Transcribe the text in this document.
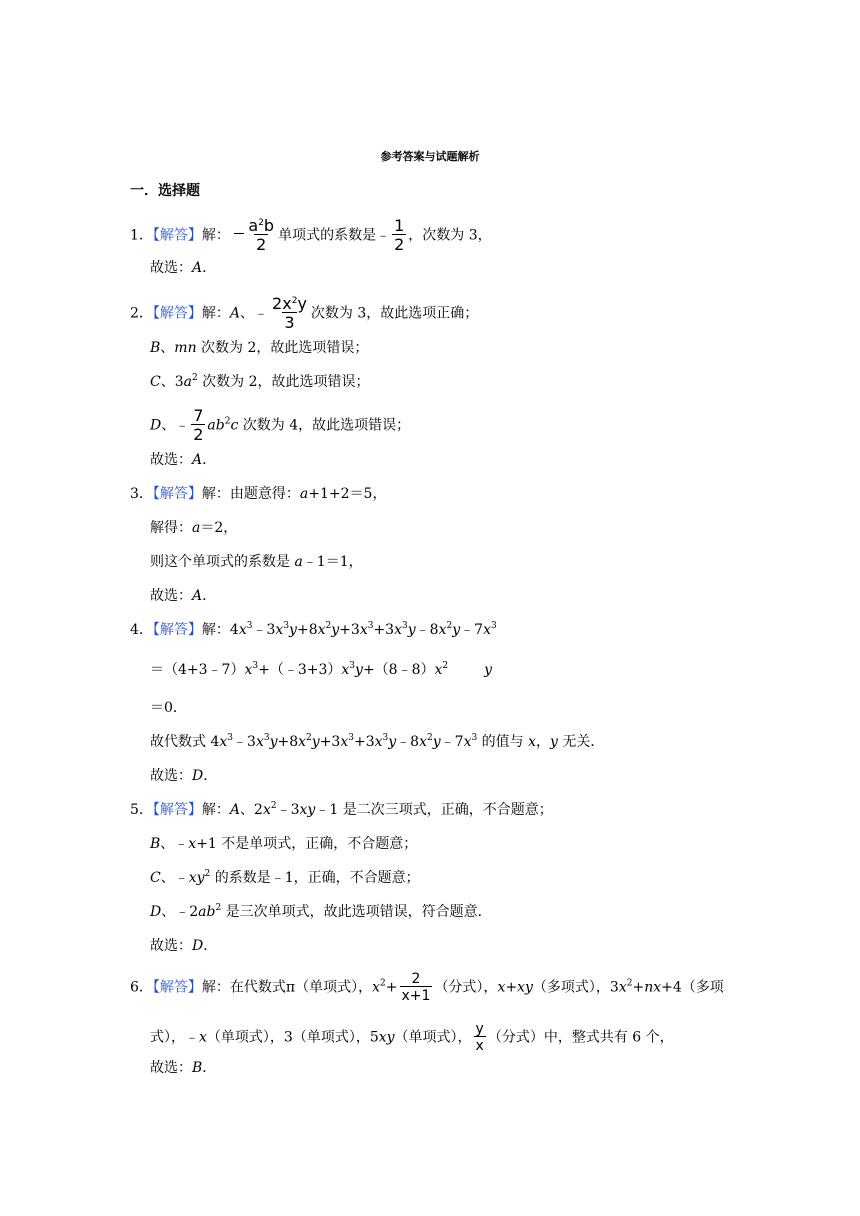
参考答案与试题解析
一．选择题
1．【解答】解： $\frac{a^2b}{2}$ 单项式的系数是﹣ $\frac{1}{2}$ ，次数为 3，
故选：A．
2．【解答】解：A、﹣ $\frac{2x^2y}{3}$ 次数为 3，故此选项正确；
B、mn 次数为 2，故此选项错误；
C、$3a^2$ 次数为 2，故此选项错误；
D、﹣ $\frac{7}{2} ab^2c$ 次数为 4，故此选项错误；
故选：A．
3．【解答】解：由题意得：a+1+2＝5，
解得：a＝2，
则这个单项式的系数是 a﹣1＝1，
故选：A．
4．【解答】解：$4x^3﹣3x^3y+8x^2y+3x^3+3x^3y﹣8x^2y﹣7x^3$
$=(4+3﹣7)x^3+(﹣3+3)x^3y+(8﹣8)x^2$	y
＝0．
故代数式 $4x^3﹣3x^3y+8x^2y+3x^3+3x^3y﹣8x^2y﹣7x^3$ 的值与 x，y 无关．
故选：D．
5．【解答】解：A、$2x^2﹣3xy﹣1$ 是二次三项式，正确，不合题意；
B、﹣x+1 不是单项式，正确，不合题意；
C、$﹣xy^2$ 的系数是﹣1，正确，不合题意；
D、$﹣2ab^2$ 是三次单项式，故此选项错误，符合题意．
故选：D．
6．【解答】解：在代数式π（单项式），$x^2+ \frac{2}{x+1}$ （分式），x+xy（多项式），$3x^2+nx+4$（多项
式），﹣x（单项式），3（单项式），5xy（单项式）， $\frac{y}{x}$ （分式）中，整式共有 6 个，
故选：B．
